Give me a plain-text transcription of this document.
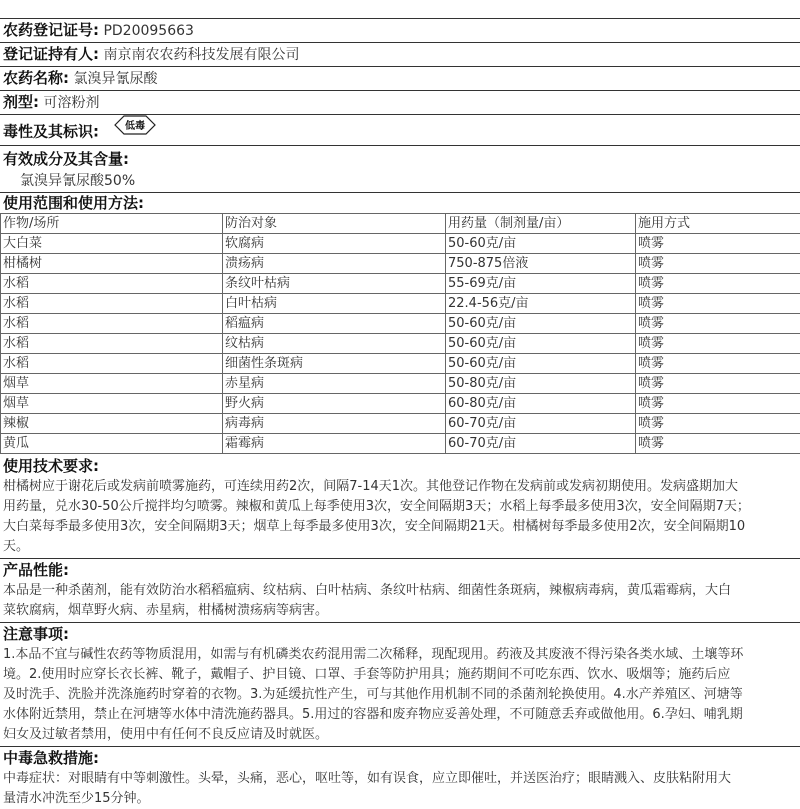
农药登记证号: PD20095663
登记证持有人: 南京南农农药科技发展有限公司
农药名称: 氯溴异氰尿酸
剂型: 可溶粉剂
毒性及其标识:	低毒
有效成分及其含量:
氯溴异氰尿酸50%
使用范围和使用方法:
作物/场所	防治对象	用药量（制剂量/亩）	施用方式
大白菜	软腐病	50-60克/亩	喷雾
柑橘树	溃疡病	750-875倍液	喷雾
水稻	条纹叶枯病	55-69克/亩	喷雾
水稻	白叶枯病	22.4-56克/亩	喷雾
水稻	稻瘟病	50-60克/亩	喷雾
水稻	纹枯病	50-60克/亩	喷雾
水稻	细菌性条斑病	50-60克/亩	喷雾
烟草	赤星病	50-80克/亩	喷雾
烟草	野火病	60-80克/亩	喷雾
辣椒	病毒病	60-70克/亩	喷雾
黄瓜	霜霉病	60-70克/亩	喷雾
使用技术要求:
柑橘树应于谢花后或发病前喷雾施药，可连续用药2次，间隔7-14天1次。其他登记作物在发病前或发病初期使用。发病盛期加大
用药量，兑水30-50公斤搅拌均匀喷雾。辣椒和黄瓜上每季使用3次，安全间隔期3天；水稻上每季最多使用3次，安全间隔期7天；
大白菜每季最多使用3次，安全间隔期3天；烟草上每季最多使用3次，安全间隔期21天。柑橘树每季最多使用2次，安全间隔期10
天。
产品性能:
本品是一种杀菌剂，能有效防治水稻稻瘟病、纹枯病、白叶枯病、条纹叶枯病、细菌性条斑病，辣椒病毒病，黄瓜霜霉病，大白
菜软腐病，烟草野火病、赤星病，柑橘树溃疡病等病害。
注意事项:
1.本品不宜与碱性农药等物质混用，如需与有机磷类农药混用需二次稀释，现配现用。药液及其废液不得污染各类水域、土壤等环
境。2.使用时应穿长衣长裤、靴子，戴帽子、护目镜、口罩、手套等防护用具；施药期间不可吃东西、饮水、吸烟等；施药后应
及时洗手、洗脸并洗涤施药时穿着的衣物。3.为延缓抗性产生，可与其他作用机制不同的杀菌剂轮换使用。4.水产养殖区、河塘等
水体附近禁用，禁止在河塘等水体中清洗施药器具。5.用过的容器和废弃物应妥善处理，不可随意丢弃或做他用。6.孕妇、哺乳期
妇女及过敏者禁用，使用中有任何不良反应请及时就医。
中毒急救措施:
中毒症状：对眼睛有中等刺激性。头晕，头痛，恶心，呕吐等，如有误食，应立即催吐，并送医治疗；眼睛溅入、皮肤粘附用大
量清水冲洗至少15分钟。
